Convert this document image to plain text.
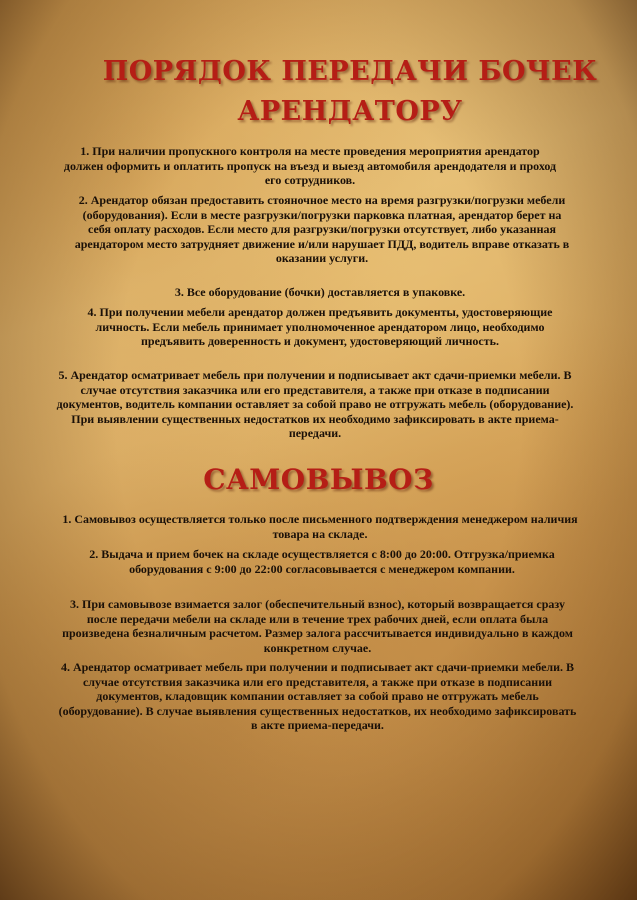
ПОРЯДОК ПЕРЕДАЧИ БОЧЕК
АРЕНДАТОРУ

1. При наличии пропускного контроля на месте проведения мероприятия арендатор должен оформить и оплатить пропуск на въезд и выезд автомобиля арендодателя и проход его сотрудников.

2. Арендатор обязан предоставить стояночное место на время разгрузки/погрузки мебели (оборудования). Если в месте разгрузки/погрузки парковка платная, арендатор берет на себя оплату расходов. Если место для разгрузки/погрузки отсутствует, либо указанная арендатором место затрудняет движение и/или нарушает ПДД, водитель вправе отказать в оказании услуги.

3. Все оборудование (бочки) доставляется в упаковке.

4. При получении мебели арендатор должен предъявить документы, удостоверяющие личность. Если мебель принимает уполномоченное арендатором лицо, необходимо предъявить доверенность и документ, удостоверяющий личность.

5. Арендатор осматривает мебель при получении и подписывает акт сдачи-приемки мебели. В случае отсутствия заказчика или его представителя, а также при отказе в подписании документов, водитель компании оставляет за собой право не отгружать мебель (оборудование). При выявлении существенных недостатков их необходимо зафиксировать в акте приема-передачи.

САМОВЫВОЗ

1. Самовывоз осуществляется только после письменного подтверждения менеджером наличия товара на складе.

2. Выдача и прием бочек на складе осуществляется с 8:00 до 20:00. Отгрузка/приемка оборудования с 9:00 до 22:00 согласовывается с менеджером компании.

3. При самовывозе взимается залог (обеспечительный взнос), который возвращается сразу после передачи мебели на складе или в течение трех рабочих дней, если оплата была произведена безналичным расчетом. Размер залога рассчитывается индивидуально в каждом конкретном случае.

4. Арендатор осматривает мебель при получении и подписывает акт сдачи-приемки мебели. В случае отсутствия заказчика или его представителя, а также при отказе в подписании документов, кладовщик компании оставляет за собой право не отгружать мебель (оборудование). В случае выявления существенных недостатков, их необходимо зафиксировать в акте приема-передачи.
